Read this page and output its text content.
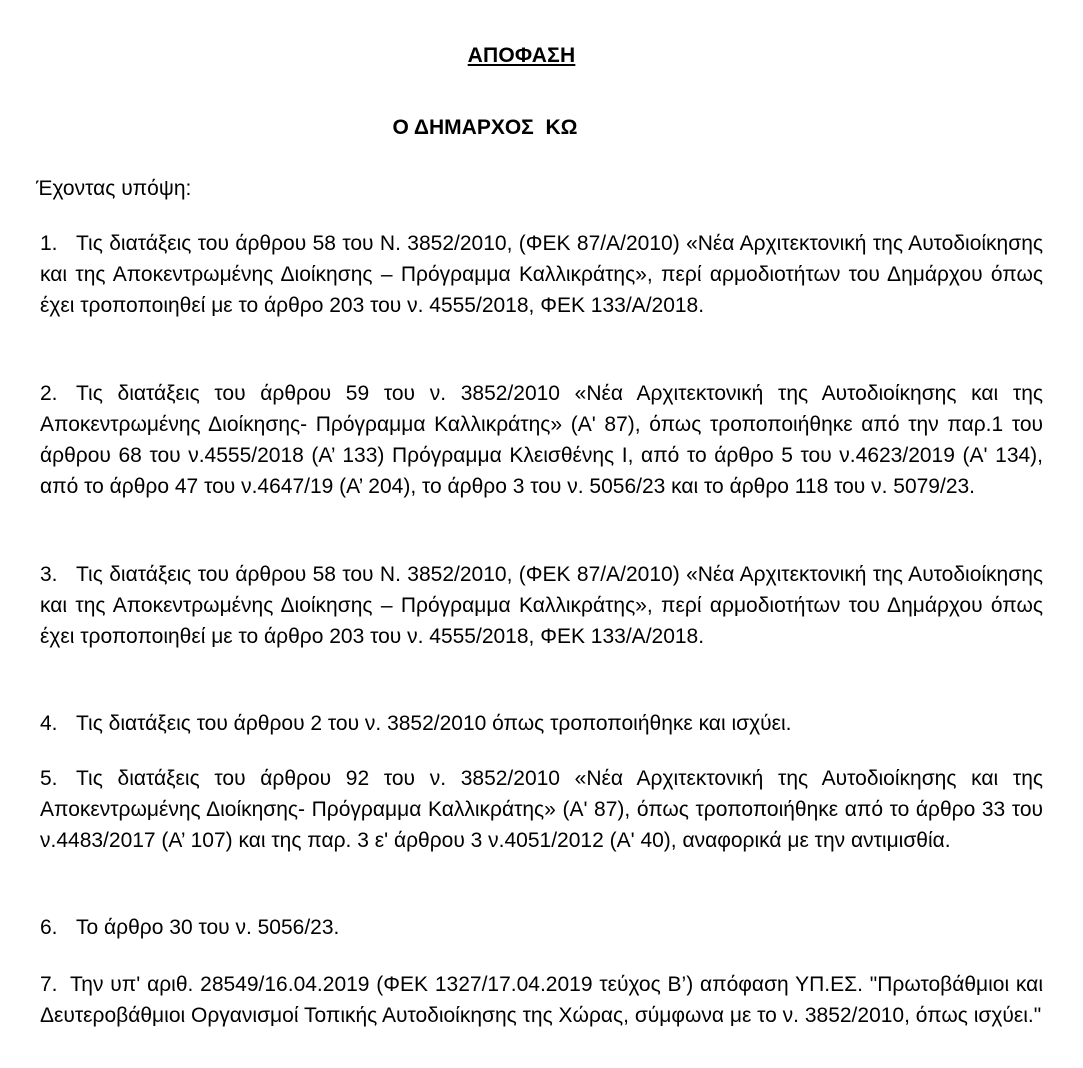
ΑΠΟΦΑΣΗ
Ο ΔΗΜΑΡΧΟΣ  ΚΩ
Έχοντας υπόψη:
1. Τις διατάξεις του άρθρου 58 του Ν. 3852/2010, (ΦΕΚ 87/Α/2010) «Νέα Αρχιτεκτονική της Αυτοδιοίκησης και της Αποκεντρωμένης Διοίκησης – Πρόγραμμα Καλλικράτης», περί αρμοδιοτήτων του Δημάρχου όπως έχει τροποποιηθεί με το άρθρο 203 του ν. 4555/2018, ΦΕΚ 133/Α/2018.
2. Τις διατάξεις του άρθρου 59 του ν. 3852/2010 «Νέα Αρχιτεκτονική της Αυτοδιοίκησης και της Αποκεντρωμένης Διοίκησης- Πρόγραμμα Καλλικράτης» (Α' 87), όπως τροποποιήθηκε από την παρ.1 του άρθρου 68 του ν.4555/2018 (Α’ 133) Πρόγραμμα Κλεισθένης Ι, από το άρθρο 5 του ν.4623/2019 (Α' 134), από το άρθρο 47 του ν.4647/19 (Α’ 204), το άρθρο 3 του ν. 5056/23 και το άρθρο 118 του ν. 5079/23.
3. Τις διατάξεις του άρθρου 58 του Ν. 3852/2010, (ΦΕΚ 87/Α/2010) «Νέα Αρχιτεκτονική της Αυτοδιοίκησης και της Αποκεντρωμένης Διοίκησης – Πρόγραμμα Καλλικράτης», περί αρμοδιοτήτων του Δημάρχου όπως έχει τροποποιηθεί με το άρθρο 203 του ν. 4555/2018, ΦΕΚ 133/Α/2018.
4. Τις διατάξεις του άρθρου 2 του ν. 3852/2010 όπως τροποποιήθηκε και ισχύει.
5. Τις διατάξεις του άρθρου 92 του ν. 3852/2010 «Νέα Αρχιτεκτονική της Αυτοδιοίκησης και της Αποκεντρωμένης Διοίκησης- Πρόγραμμα Καλλικράτης» (Α' 87), όπως τροποποιήθηκε από το άρθρο 33 του ν.4483/2017 (Α’ 107) και της παρ. 3 ε' άρθρου 3 ν.4051/2012 (Α' 40), αναφορικά με την αντιμισθία.
6. Το άρθρο 30 του ν. 5056/23.
7. Την υπ' αριθ. 28549/16.04.2019 (ΦΕΚ 1327/17.04.2019 τεύχος Β’) απόφαση ΥΠ.ΕΣ. "Πρωτοβάθμιοι και Δευτεροβάθμιοι Οργανισμοί Τοπικής Αυτοδιοίκησης της Χώρας, σύμφωνα με το ν. 3852/2010, όπως ισχύει."
